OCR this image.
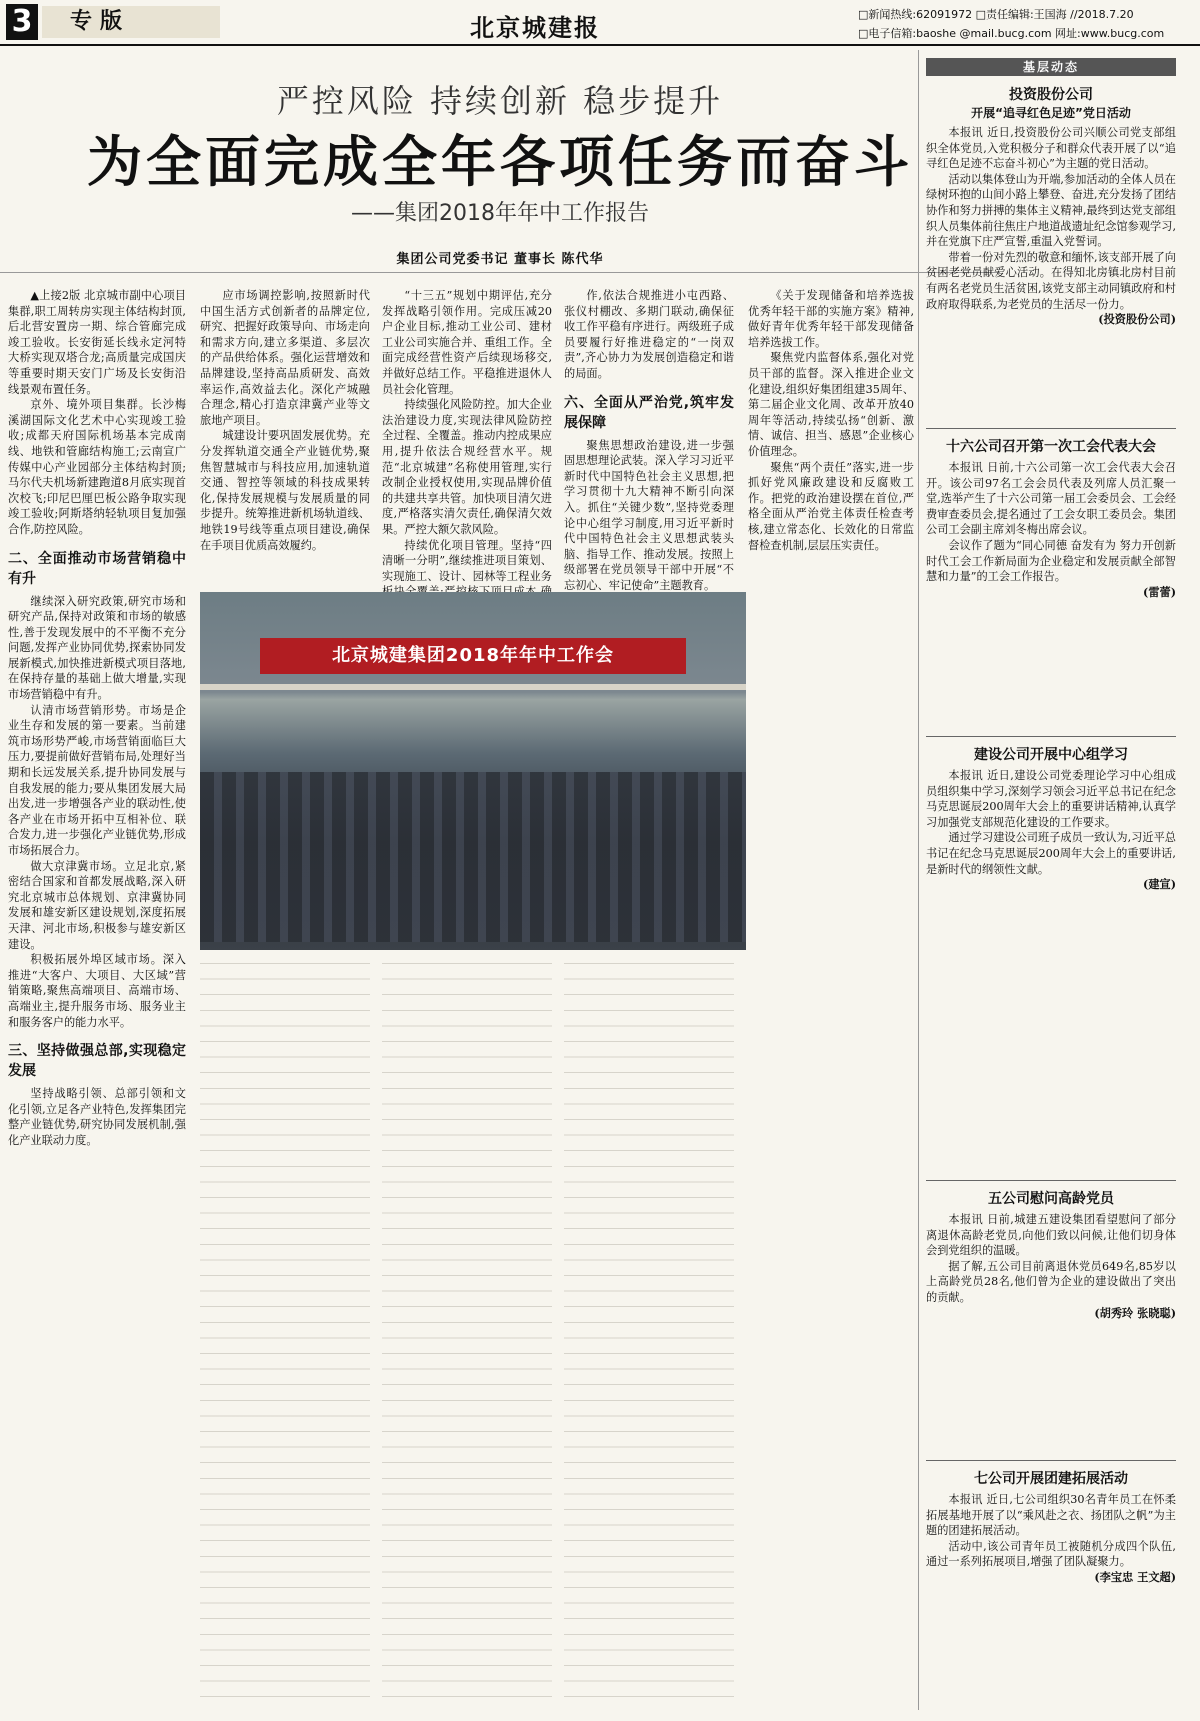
3	专版	北京城建报	□新闻热线:62091972 □责任编辑:王国海 //2018.7.20
□电子信箱:baoshe @mail.bucg.com 网址:www.bucg.com
严控风险 持续创新 稳步提升
为全面完成全年各项任务而奋斗
——集团2018年年中工作报告
集团公司党委书记 董事长 陈代华

▲上接2版 北京城市副中心项目集群,职工周转房实现主体结构封顶,后北营安置房一期、综合管廊完成竣工验收。长安街延长线永定河特大桥实现双塔合龙;高质量完成国庆等重要时期天安门广场及长安街沿线景观布置任务。

京外、境外项目集群。长沙梅溪湖国际文化艺术中心实现竣工验收;成都天府国际机场基本完成南线、地铁和管廊结构施工;云南宣广传媒中心产业园部分主体结构封顶;马尔代夫机场新建跑道8月底实现首次校飞;印尼巴厘巴板公路争取实现竣工验收;阿斯塔纳轻轨项目复加强合作,防控风险。

二、全面推动市场营销稳中有升

继续深入研究政策,研究市场和研究产品,保持对政策和市场的敏感性,善于发现发展中的不平衡不充分问题,发挥产业协同优势,探索协同发展新模式,加快推进新模式项目落地,在保持存量的基础上做大增量,实现市场营销稳中有升。

认清市场营销形势。市场是企业生存和发展的第一要素。当前建筑市场形势严峻,市场营销面临巨大压力,要提前做好营销布局,处理好当期和长远发展关系,提升协同发展与自我发展的能力;要从集团发展大局出发,进一步增强各产业的联动性,使各产业在市场开拓中互相补位、联合发力,进一步强化产业链优势,形成市场拓展合力。

做大京津冀市场。立足北京,紧密结合国家和首都发展战略,深入研究北京城市总体规划、京津冀协同发展和雄安新区建设规划,深度拓展天津、河北市场,积极参与雄安新区建设。

积极拓展外埠区域市场。深入推进“大客户、大项目、大区域”营销策略,聚焦高端项目、高端市场、高端业主,提升服务市场、服务业主和服务客户的能力水平。

三、坚持做强总部,实现稳定发展

坚持战略引领、总部引领和文化引领,立足各产业特色,发挥集团完整产业链优势,研究协同发展机制,强化产业联动力度。

应市场调控影响,按照新时代中国生活方式创新者的品牌定位,研究、把握好政策导向、市场走向和需求方向,建立多渠道、多层次的产品供给体系。强化运营增效和品牌建设,坚持高品质研发、高效率运作,高效益去化。深化产城融合理念,精心打造京津冀产业等文旅地产项目。

城建设计要巩固发展优势。充分发挥轨道交通全产业链优势,聚焦智慧城市与科技应用,加速轨道交通、智控等领域的科技成果转化,保持发展规模与发展质量的同步提升。统筹推进新机场轨道线、地铁19号线等重点项目建设,确保在手项目优质高效履约。

“十三五”规划中期评估,充分发挥战略引领作用。完成压减20户企业目标,推动工业公司、建材工业公司实施合并、重组工作。全面完成经营性资产后续现场移交,并做好总结工作。平稳推进退休人员社会化管理。

持续强化风险防控。加大企业法治建设力度,实现法律风险防控全过程、全覆盖。推动内控成果应用,提升依法合规经营水平。规范“北京城建”名称使用管理,实行改制企业授权使用,实现品牌价值的共建共享共管。加快项目清欠进度,严格落实清欠责任,确保清欠效果。严控大额欠款风险。

持续优化项目管理。坚持“四清晰一分明”,继续推进项目策划、实现施工、设计、园林等工程业务

作,依法合规推进小屯西路、张仪村棚改、多期门联动,确保征收工作平稳有序进行。两级班子成员要履行好推进稳定的“一岗双责”,齐心协力为发展创造稳定和谐的局面。

六、全面从严治党,筑牢发展保障

聚焦思想政治建设,进一步强固思想理论武装。深入学习习近平新时代中国特色社会主义思想,把学习贯彻十九大精神不断引向深入。抓住“关键少数”,坚持党委理论中心组学习制度,用习近平新时代中国特色社会主义思想武装头脑、指导工作、推动发展。按照上级部署在党员领导干部中开展“不忘初心、牢记使命”主题教育。

《关于发现储备和培养选拔优秀年轻干部的实施方案》精神,做好青年优秀年轻干部发现储备培养选拔工作。

聚焦党内监督体系,强化对党员干部的监督。深入推进企业文化建设,组织好集团组建35周年、第二届企业文化周、改革开放40周年等活动,持续弘扬“创新、激情、诚信、担当、感恩”企业核心价值理念。

聚焦“两个责任”落实,进一步抓好党风廉政建设和反腐败工作。把党的政治建设摆在首位,严格全面从严治党主体责任检查考核,建立常态化、长效化的日常监督检查机制,层层压实责任。

北京城建集团2018年年中工作会
基层动态
投资股份公司
开展“追寻红色足迹”党日活动

本报讯 近日,投资股份公司兴顺公司党支部组织全体党员,入党积极分子和群众代表开展了以“追寻红色足迹不忘奋斗初心”为主题的党日活动。

活动以集体登山为开端,参加活动的全体人员在绿树环抱的山间小路上攀登、奋进,充分发扬了团结协作和努力拼搏的集体主义精神,最终到达党支部组织人员集体前往焦庄户地道战遗址纪念馆参观学习,并在党旗下庄严宣誓,重温入党誓词。

带着一份对先烈的敬意和缅怀,该支部开展了向贫困老党员献爱心活动。在得知北房镇北房村目前有两名老党员生活贫困,该党支部主动同镇政府和村政府取得联系,为老党员的生活尽一份力。

(投资股份公司)

十六公司召开第一次工会代表大会

本报讯 日前,十六公司第一次工会代表大会召开。该公司97名工会会员代表及列席人员汇聚一堂,选举产生了十六公司第一届工会委员会、工会经费审查委员会,提名通过了工会女职工委员会。集团公司工会副主席刘冬梅出席会议。

会议作了题为“同心同德 奋发有为 努力开创新时代工会工作新局面为企业稳定和发展贡献全部智慧和力量”的工会工作报告。

(雷蕾)

建设公司开展中心组学习

本报讯 近日,建设公司党委理论学习中心组成员组织集中学习,深刻学习领会习近平总书记在纪念马克思诞辰200周年大会上的重要讲话精神,认真学习加强党支部规范化建设的工作要求。

通过学习建设公司班子成员一致认为,习近平总书记在纪念马克思诞辰200周年大会上的重要讲话,是新时代的纲领性文献。

(建宣)

五公司慰问高龄党员

本报讯 日前,城建五建设集团看望慰问了部分离退休高龄老党员,向他们致以问候,让他们切身体会到党组织的温暖。

据了解,五公司目前离退休党员649名,85岁以上高龄党员28名,他们曾为企业的建设做出了突出的贡献。

(胡秀玲 张晓聪)

七公司开展团建拓展活动

本报讯 近日,七公司组织30名青年员工在怀柔拓展基地开展了以“乘风赴之衣、扬团队之帆”为主题的团建拓展活动。

活动中,该公司青年员工被随机分成四个队伍,通过一系列拓展项目,增强了团队凝聚力。

(李宝忠 王文超)
